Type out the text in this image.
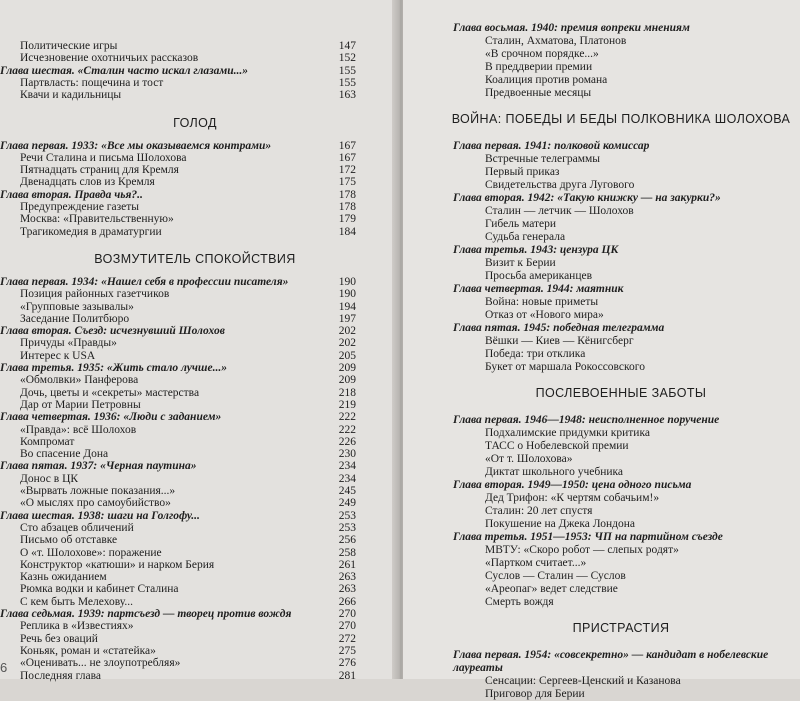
6
Политические игры	147
Исчезновение охотничьих рассказов	152
Глава шестая. «Сталин часто искал глазами...»	155
Партвласть: пощечина и тост	155
Квачи и кадильницы	163
ГОЛОД
Глава первая. 1933: «Все мы оказываемся контрами»	167
Речи Сталина и письма Шолохова	167
Пятнадцать страниц для Кремля	172
Двенадцать слов из Кремля	175
Глава вторая. Правда чья?..	178
Предупреждение газеты	178
Москва: «Правительственную»	179
Трагикомедия в драматургии	184
ВОЗМУТИТЕЛЬ СПОКОЙСТВИЯ
Глава первая. 1934: «Нашел себя в профессии писателя»	190
Позиция районных газетчиков	190
«Групповые зазывалы»	194
Заседание Политбюро	197
Глава вторая. Съезд: исчезнувший Шолохов	202
Причуды «Правды»	202
Интерес к USA	205
Глава третья. 1935: «Жить стало лучше...»	209
«Обмолвки» Панферова	209
Дочь, цветы и «секреты» мастерства	218
Дар от Марии Петровны	219
Глава четвертая. 1936: «Люди с заданием»	222
«Правда»: всё Шолохов	222
Компромат	226
Во спасение Дона	230
Глава пятая. 1937: «Черная паутина»	234
Донос в ЦК	234
«Вырвать ложные показания...»	245
«О мыслях про самоубийство»	249
Глава шестая. 1938: шаги на Голгофу...	253
Сто абзацев обличений	253
Письмо об отставке	256
О «т. Шолохове»: поражение	258
Конструктор «катюши» и нарком Берия	261
Казнь ожиданием	263
Рюмка водки и кабинет Сталина	263
С кем быть Мелехову...	266
Глава седьмая. 1939: партсъезд — творец против вождя	270
Реплика в «Известиях»	270
Речь без оваций	272
Коньяк, роман и «статейка»	275
«Оценивать... не злоупотребляя»	276
Последняя глава	281
Глава восьмая. 1940: премия вопреки мнениям
Сталин, Ахматова, Платонов
«В срочном порядке...»
В преддверии премии
Коалиция против романа
Предвоенные месяцы
ВОЙНА: ПОБЕДЫ И БЕДЫ ПОЛКОВНИКА ШОЛОХОВА
Глава первая. 1941: полковой комиссар
Встречные телеграммы
Первый приказ
Свидетельства друга Лугового
Глава вторая. 1942: «Такую книжку — на закурки?»
Сталин — летчик — Шолохов
Гибель матери
Судьба генерала
Глава третья. 1943: цензура ЦК
Визит к Берии
Просьба американцев
Глава четвертая. 1944: маятник
Война: новые приметы
Отказ от «Нового мира»
Глава пятая. 1945: победная телеграмма
Вёшки — Киев — Кёнигсберг
Победа: три отклика
Букет от маршала Рокоссовского
ПОСЛЕВОЕННЫЕ ЗАБОТЫ
Глава первая. 1946—1948: неисполненное поручение
Подхалимские придумки критика
ТАСС о Нобелевской премии
«От т. Шолохова»
Диктат школьного учебника
Глава вторая. 1949—1950: цена одного письма
Дед Трифон: «К чертям собачьим!»
Сталин: 20 лет спустя
Покушение на Джека Лондона
Глава третья. 1951—1953: ЧП на партийном съезде
МВТУ: «Скоро робот — слепых родят»
«Партком считает...»
Суслов — Сталин — Суслов
«Ареопаг» ведет следствие
Смерть вождя
ПРИСТРАСТИЯ
Глава первая. 1954: «совсекретно» — кандидат в нобелевские
лауреаты
Сенсации: Сергеев-Ценский и Казанова
Приговор для Берии
